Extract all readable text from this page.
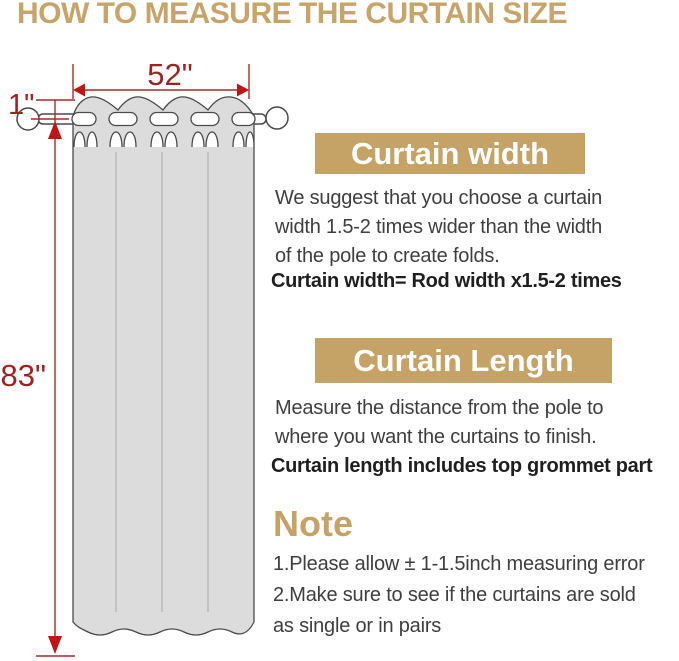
HOW TO MEASURE THE CURTAIN SIZE
52"
1"
83"
Curtain width
We suggest that you choose a curtain
width 1.5-2 times wider than the width
of the pole to create folds.
Curtain width= Rod width x1.5-2 times
Curtain Length
Measure the distance from the pole to
where you want the curtains to finish.
Curtain length includes top grommet part
Note
1.Please allow ± 1-1.5inch measuring error
2.Make sure to see if the curtains are sold
as single or in pairs
